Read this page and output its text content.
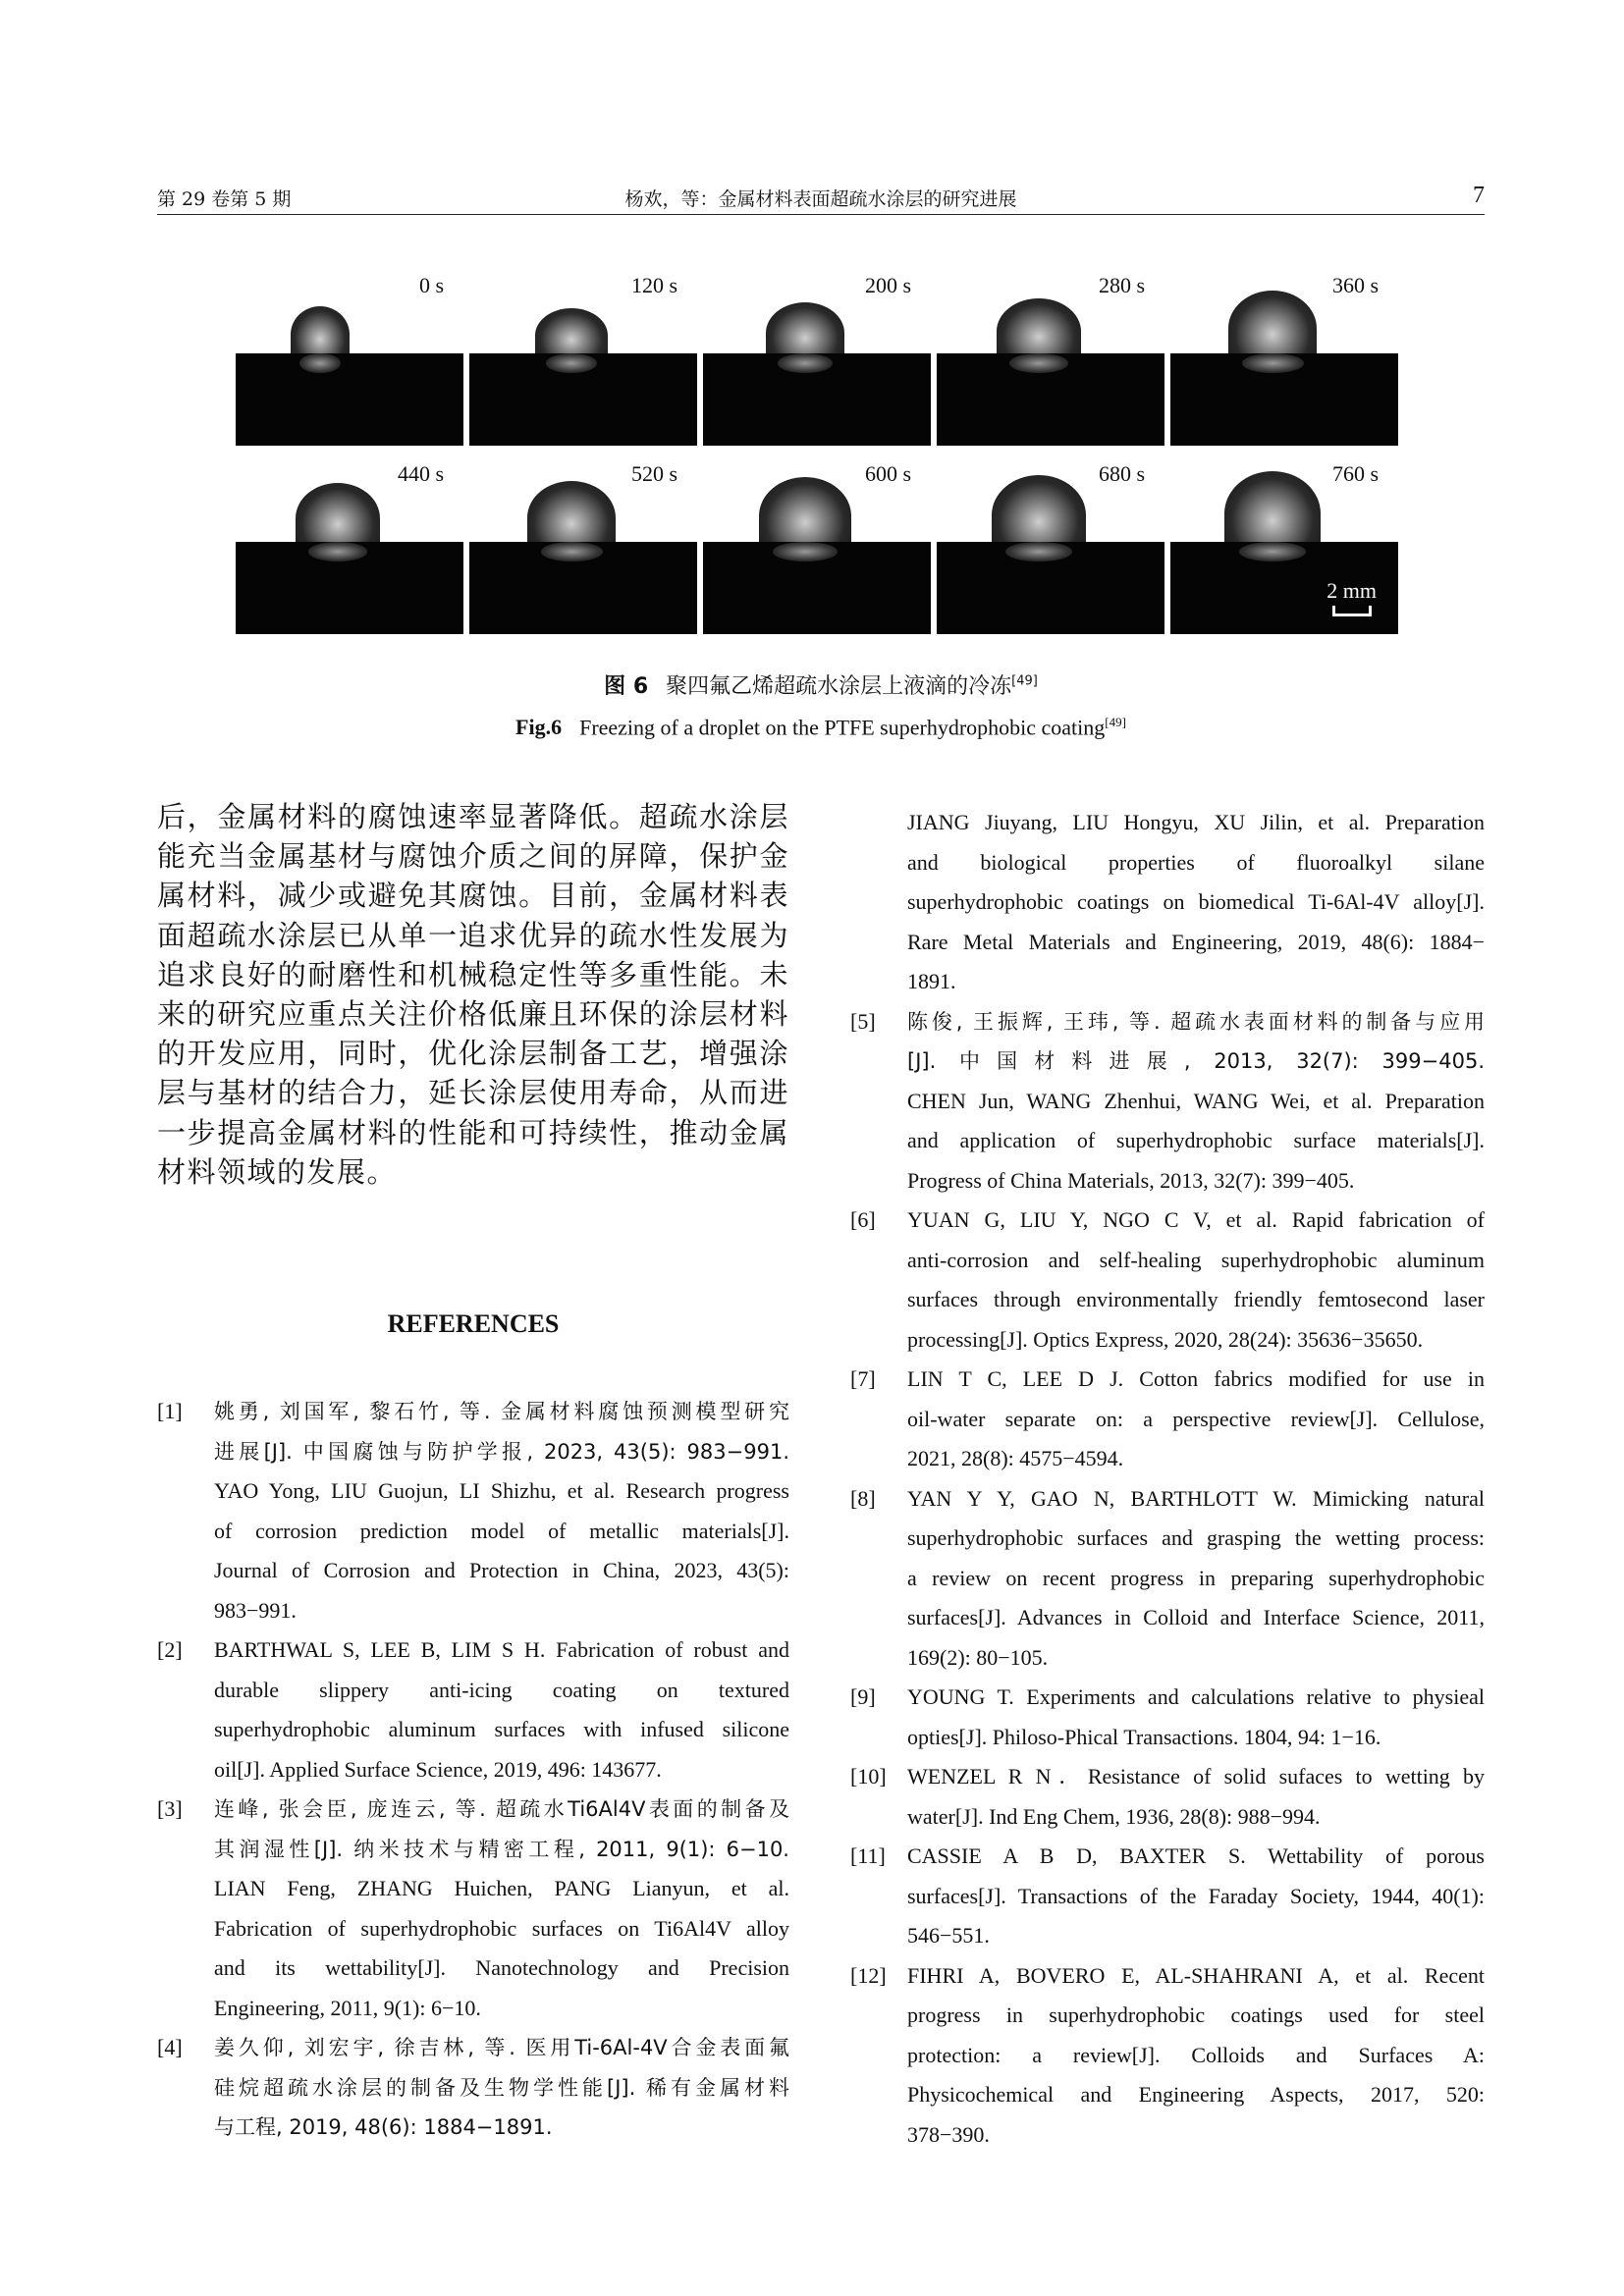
第 29 卷第 5 期	杨欢，等：金属材料表面超疏水涂层的研究进展	7
0 s	120 s	200 s	280 s	360 s
440 s	520 s	600 s	680 s	760 s
2 mm
图 6 聚四氟乙烯超疏水涂层上液滴的冷冻[49]
Fig.6 Freezing of a droplet on the PTFE superhydrophobic coating[49]
后，金属材料的腐蚀速率显著降低。超疏水涂层能充当金属基材与腐蚀介质之间的屏障，保护金属材料，减少或避免其腐蚀。目前，金属材料表面超疏水涂层已从单一追求优异的疏水性发展为追求良好的耐磨性和机械稳定性等多重性能。未来的研究应重点关注价格低廉且环保的涂层材料的开发应用，同时，优化涂层制备工艺，增强涂层与基材的结合力，延长涂层使用寿命，从而进一步提高金属材料的性能和可持续性，推动金属材料领域的发展。
REFERENCES
[1] 姚勇, 刘国军, 黎石竹, 等. 金属材料腐蚀预测模型研究
进展[J]. 中国腐蚀与防护学报, 2023, 43(5): 983−991.
YAO Yong, LIU Guojun, LI Shizhu, et al. Research progress
of corrosion prediction model of metallic materials[J].
Journal of Corrosion and Protection in China, 2023, 43(5):
983−991.
[2] BARTHWAL S, LEE B, LIM S H. Fabrication of robust and
durable slippery anti-icing coating on textured
superhydrophobic aluminum surfaces with infused silicone
oil[J]. Applied Surface Science, 2019, 496: 143677.
[3] 连峰, 张会臣, 庞连云, 等. 超疏水Ti6Al4V表面的制备及
其润湿性[J]. 纳米技术与精密工程, 2011, 9(1): 6−10.
LIAN Feng, ZHANG Huichen, PANG Lianyun, et al.
Fabrication of superhydrophobic surfaces on Ti6Al4V alloy
and its wettability[J]. Nanotechnology and Precision
Engineering, 2011, 9(1): 6−10.
[4] 姜久仰, 刘宏宇, 徐吉林, 等. 医用Ti-6Al-4V合金表面氟
硅烷超疏水涂层的制备及生物学性能[J]. 稀有金属材料
与工程, 2019, 48(6): 1884−1891.
JIANG Jiuyang, LIU Hongyu, XU Jilin, et al. Preparation
and biological properties of fluoroalkyl silane
superhydrophobic coatings on biomedical Ti-6Al-4V alloy[J].
Rare Metal Materials and Engineering, 2019, 48(6): 1884−
1891.
[5] 陈俊, 王振辉, 王玮, 等. 超疏水表面材料的制备与应用
[J]. 中国材料进展, 2013, 32(7): 399−405.
CHEN Jun, WANG Zhenhui, WANG Wei, et al. Preparation
and application of superhydrophobic surface materials[J].
Progress of China Materials, 2013, 32(7): 399−405.
[6] YUAN G, LIU Y, NGO C V, et al. Rapid fabrication of
anti-corrosion and self-healing superhydrophobic aluminum
surfaces through environmentally friendly femtosecond laser
processing[J]. Optics Express, 2020, 28(24): 35636−35650.
[7] LIN T C, LEE D J. Cotton fabrics modified for use in
oil-water separate on: a perspective review[J]. Cellulose,
2021, 28(8): 4575−4594.
[8] YAN Y Y, GAO N, BARTHLOTT W. Mimicking natural
superhydrophobic surfaces and grasping the wetting process:
a review on recent progress in preparing superhydrophobic
surfaces[J]. Advances in Colloid and Interface Science, 2011,
169(2): 80−105.
[9] YOUNG T. Experiments and calculations relative to physieal
opties[J]. Philoso-Phical Transactions. 1804, 94: 1−16.
[10] WENZEL R N．Resistance of solid sufaces to wetting by
water[J]. Ind Eng Chem, 1936, 28(8): 988−994.
[11] CASSIE A B D, BAXTER S. Wettability of porous
surfaces[J]. Transactions of the Faraday Society, 1944, 40(1):
546−551.
[12] FIHRI A, BOVERO E, AL-SHAHRANI A, et al. Recent
progress in superhydrophobic coatings used for steel
protection: a review[J]. Colloids and Surfaces A:
Physicochemical and Engineering Aspects, 2017, 520:
378−390.
